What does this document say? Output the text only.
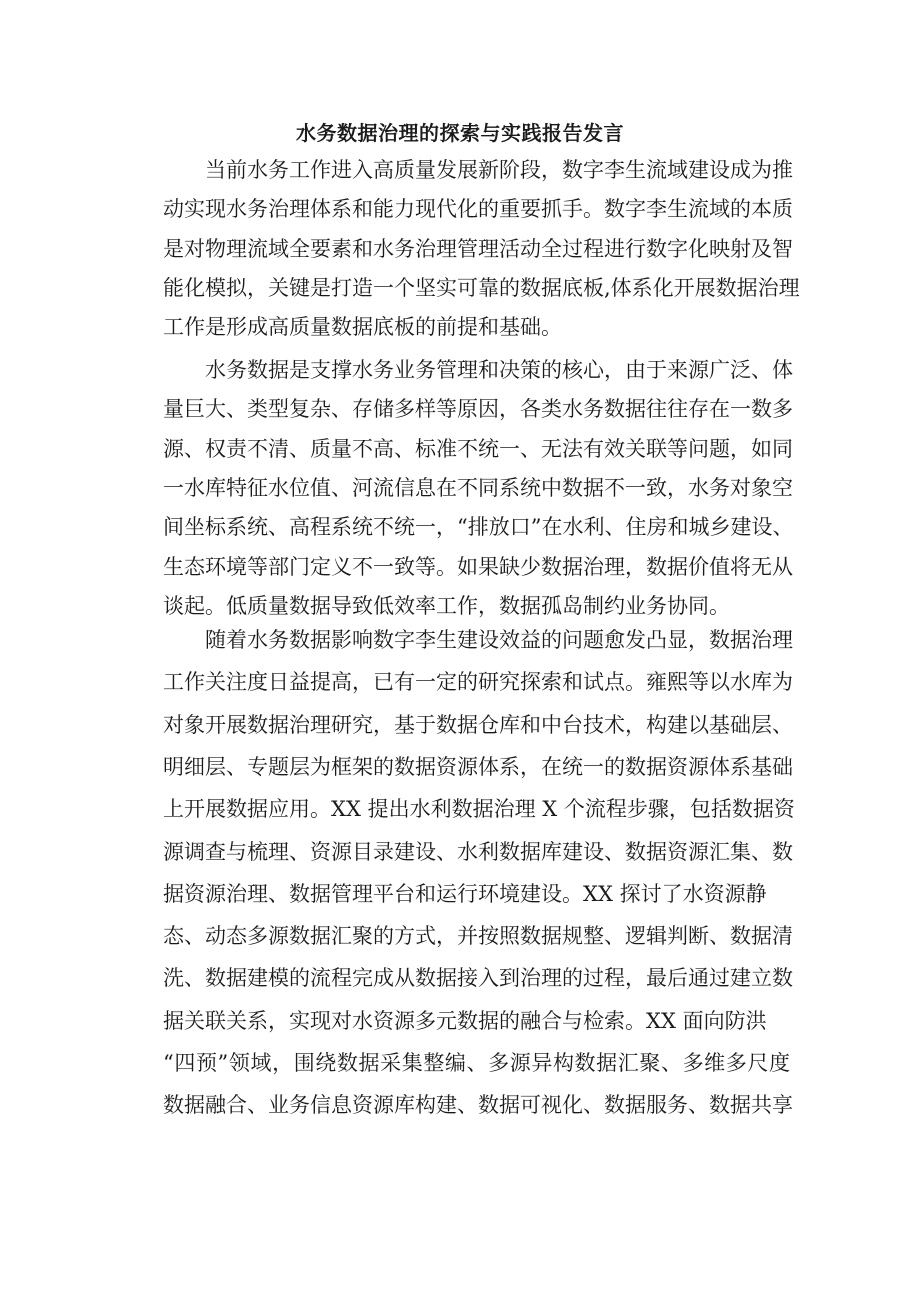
水务数据治理的探索与实践报告发言
当前水务工作进入高质量发展新阶段，数字李生流域建设成为推
动实现水务治理体系和能力现代化的重要抓手。数字李生流域的本质
是对物理流域全要素和水务治理管理活动全过程进行数字化映射及智
能化模拟，关键是打造一个坚实可靠的数据底板,体系化开展数据治理
工作是形成高质量数据底板的前提和基础。
水务数据是支撑水务业务管理和决策的核心，由于来源广泛、体
量巨大、类型复杂、存储多样等原因，各类水务数据往往存在一数多
源、权责不清、质量不高、标准不统一、无法有效关联等问题，如同
一水库特征水位值、河流信息在不同系统中数据不一致，水务对象空
间坐标系统、高程系统不统一，“排放口”在水利、住房和城乡建设、
生态环境等部门定义不一致等。如果缺少数据治理，数据价值将无从
谈起。低质量数据导致低效率工作，数据孤岛制约业务协同。
随着水务数据影响数字李生建设效益的问题愈发凸显，数据治理
工作关注度日益提高，已有一定的研究探索和试点。雍熙等以水库为
对象开展数据治理研究，基于数据仓库和中台技术，构建以基础层、
明细层、专题层为框架的数据资源体系，在统一的数据资源体系基础
上开展数据应用。XX 提出水利数据治理 X 个流程步骤，包括数据资
源调查与梳理、资源目录建设、水利数据库建设、数据资源汇集、数
据资源治理、数据管理平台和运行环境建设。XX 探讨了水资源静
态、动态多源数据汇聚的方式，并按照数据规整、逻辑判断、数据清
洗、数据建模的流程完成从数据接入到治理的过程，最后通过建立数
据关联关系，实现对水资源多元数据的融合与检索。XX 面向防洪
“四预”领域，围绕数据采集整编、多源异构数据汇聚、多维多尺度
数据融合、业务信息资源库构建、数据可视化、数据服务、数据共享
